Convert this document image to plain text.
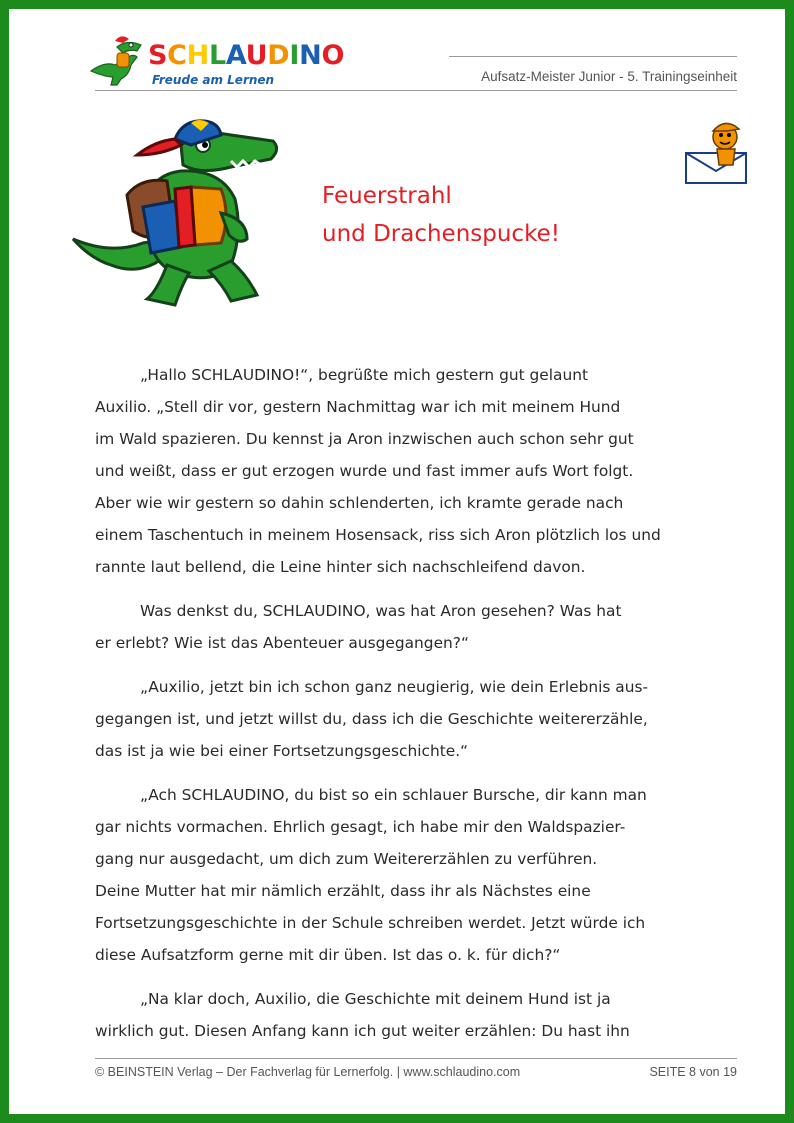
SCHLAUDINO
Freude am Lernen	Aufsatz-Meister Junior - 5. Trainingseinheit
Feuerstrahl
und Drachenspucke!
„Hallo SCHLAUDINO!“, begrüßte mich gestern gut gelaunt
Auxilio. „Stell dir vor, gestern Nachmittag war ich mit meinem Hund
im Wald spazieren. Du kennst ja Aron inzwischen auch schon sehr gut
und weißt, dass er gut erzogen wurde und fast immer aufs Wort folgt.
Aber wie wir gestern so dahin schlenderten, ich kramte gerade nach
einem Taschentuch in meinem Hosensack, riss sich Aron plötzlich los und
rannte laut bellend, die Leine hinter sich nachschleifend davon.
Was denkst du, SCHLAUDINO, was hat Aron gesehen? Was hat
er erlebt? Wie ist das Abenteuer ausgegangen?“
„Auxilio, jetzt bin ich schon ganz neugierig, wie dein Erlebnis aus-
gegangen ist, und jetzt willst du, dass ich die Geschichte weitererzähle,
das ist ja wie bei einer Fortsetzungsgeschichte.“
„Ach SCHLAUDINO, du bist so ein schlauer Bursche, dir kann man
gar nichts vormachen. Ehrlich gesagt, ich habe mir den Waldspazier-
gang nur ausgedacht, um dich zum Weitererzählen zu verführen.
Deine Mutter hat mir nämlich erzählt, dass ihr als Nächstes eine
Fortsetzungsgeschichte in der Schule schreiben werdet. Jetzt würde ich
diese Aufsatzform gerne mit dir üben. Ist das o. k. für dich?“
„Na klar doch, Auxilio, die Geschichte mit deinem Hund ist ja
wirklich gut. Diesen Anfang kann ich gut weiter erzählen: Du hast ihn
© BEINSTEIN Verlag – Der Fachverlag für Lernerfolg. | www.schlaudino.com	SEITE 8 von 19
